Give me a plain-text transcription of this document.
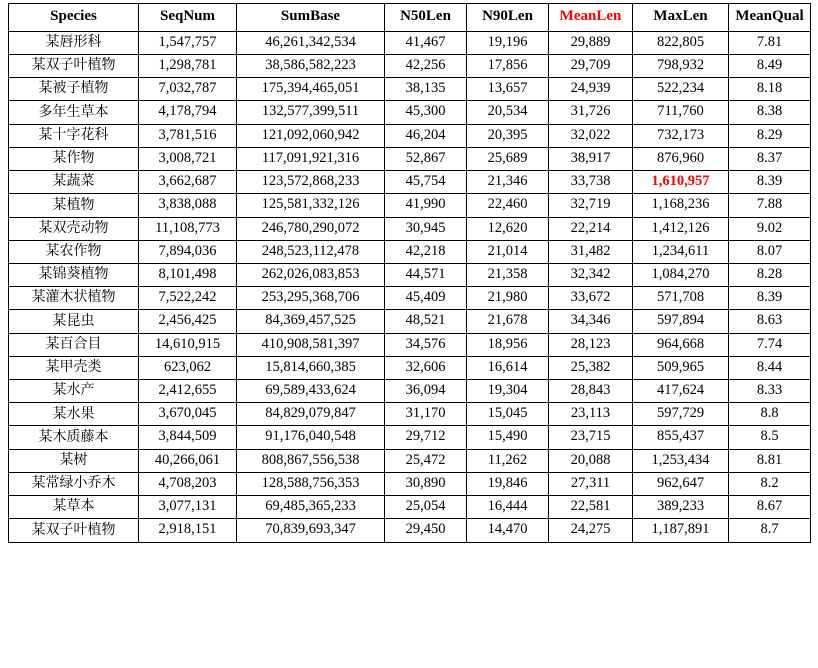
Species	SeqNum	SumBase	N50Len	N90Len	MeanLen	MaxLen	MeanQual
某唇形科	1,547,757	46,261,342,534	41,467	19,196	29,889	822,805	7.81
某双子叶植物	1,298,781	38,586,582,223	42,256	17,856	29,709	798,932	8.49
某被子植物	7,032,787	175,394,465,051	38,135	13,657	24,939	522,234	8.18
多年生草本	4,178,794	132,577,399,511	45,300	20,534	31,726	711,760	8.38
某十字花科	3,781,516	121,092,060,942	46,204	20,395	32,022	732,173	8.29
某作物	3,008,721	117,091,921,316	52,867	25,689	38,917	876,960	8.37
某蔬菜	3,662,687	123,572,868,233	45,754	21,346	33,738	1,610,957	8.39
某植物	3,838,088	125,581,332,126	41,990	22,460	32,719	1,168,236	7.88
某双壳动物	11,108,773	246,780,290,072	30,945	12,620	22,214	1,412,126	9.02
某农作物	7,894,036	248,523,112,478	42,218	21,014	31,482	1,234,611	8.07
某锦葵植物	8,101,498	262,026,083,853	44,571	21,358	32,342	1,084,270	8.28
某灌木状植物	7,522,242	253,295,368,706	45,409	21,980	33,672	571,708	8.39
某昆虫	2,456,425	84,369,457,525	48,521	21,678	34,346	597,894	8.63
某百合目	14,610,915	410,908,581,397	34,576	18,956	28,123	964,668	7.74
某甲壳类	623,062	15,814,660,385	32,606	16,614	25,382	509,965	8.44
某水产	2,412,655	69,589,433,624	36,094	19,304	28,843	417,624	8.33
某水果	3,670,045	84,829,079,847	31,170	15,045	23,113	597,729	8.8
某木质藤本	3,844,509	91,176,040,548	29,712	15,490	23,715	855,437	8.5
某树	40,266,061	808,867,556,538	25,472	11,262	20,088	1,253,434	8.81
某常绿小乔木	4,708,203	128,588,756,353	30,890	19,846	27,311	962,647	8.2
某草本	3,077,131	69,485,365,233	25,054	16,444	22,581	389,233	8.67
某双子叶植物	2,918,151	70,839,693,347	29,450	14,470	24,275	1,187,891	8.7
